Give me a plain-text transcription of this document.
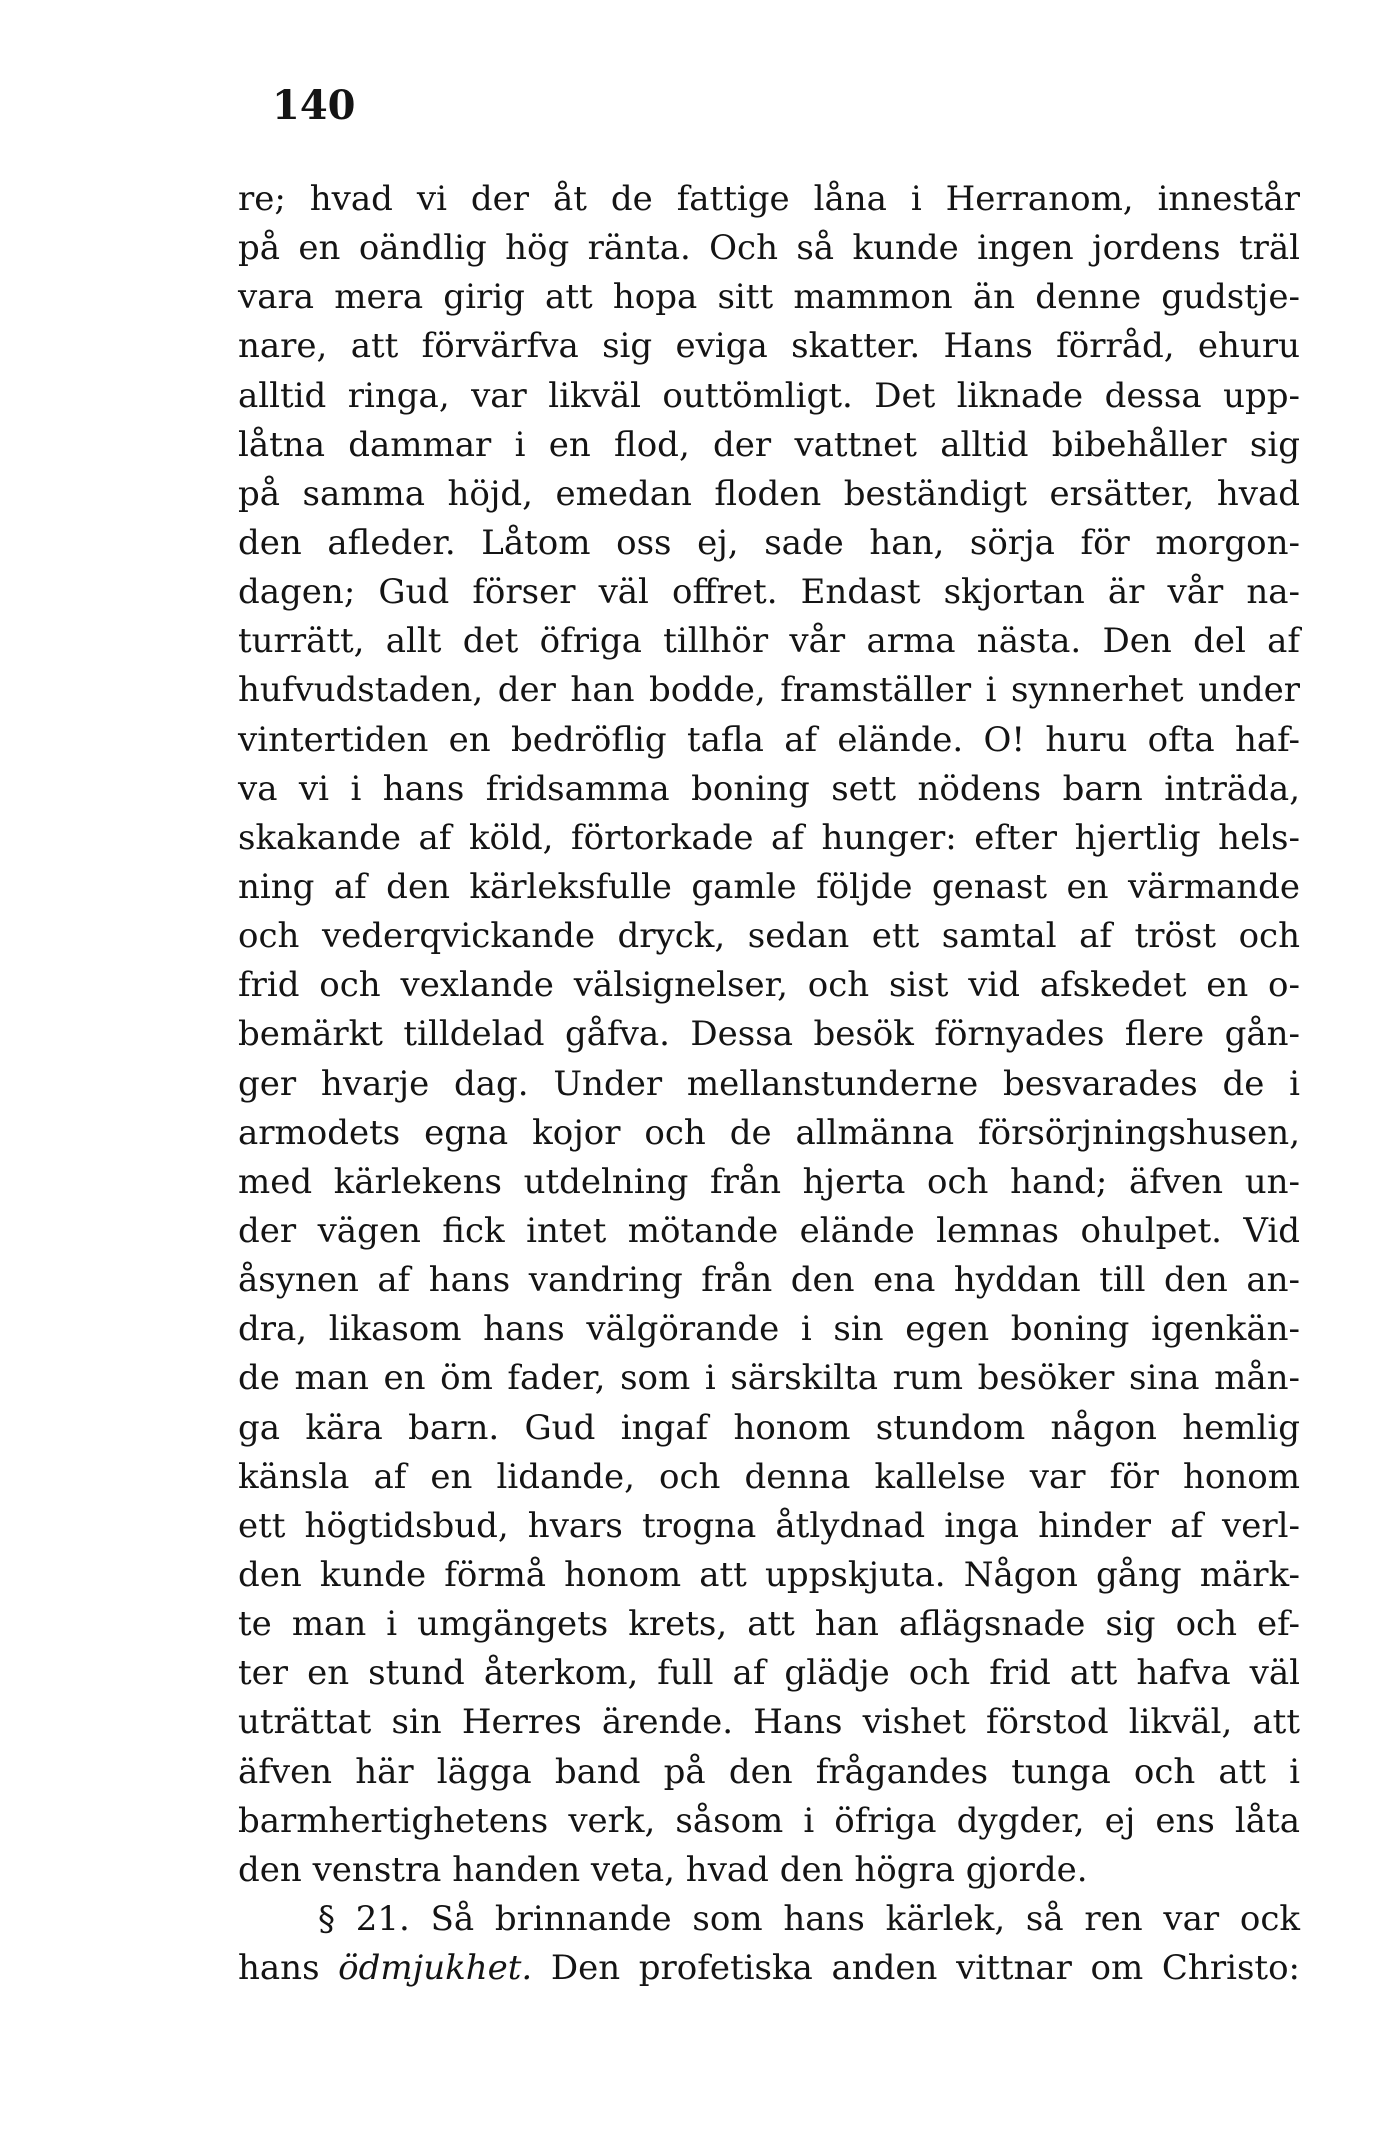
140
re; hvad vi der åt de fattige låna i Herranom, innestår
på en oändlig hög ränta. Och så kunde ingen jordens träl
vara mera girig att hopa sitt mammon än denne gudstje-
nare, att förvärfva sig eviga skatter. Hans förråd, ehuru
alltid ringa, var likväl outtömligt. Det liknade dessa upp-
låtna dammar i en flod, der vattnet alltid bibehåller sig
på samma höjd, emedan floden beständigt ersätter, hvad
den afleder. Låtom oss ej, sade han, sörja för morgon-
dagen; Gud förser väl offret. Endast skjortan är vår na-
turrätt, allt det öfriga tillhör vår arma nästa. Den del af
hufvudstaden, der han bodde, framställer i synnerhet under
vintertiden en bedröflig tafla af elände. O! huru ofta haf-
va vi i hans fridsamma boning sett nödens barn inträda,
skakande af köld, förtorkade af hunger: efter hjertlig hels-
ning af den kärleksfulle gamle följde genast en värmande
och vederqvickande dryck, sedan ett samtal af tröst och
frid och vexlande välsignelser, och sist vid afskedet en o-
bemärkt tilldelad gåfva. Dessa besök förnyades flere gån-
ger hvarje dag. Under mellanstunderne besvarades de i
armodets egna kojor och de allmänna försörjningshusen,
med kärlekens utdelning från hjerta och hand; äfven un-
der vägen fick intet mötande elände lemnas ohulpet. Vid
åsynen af hans vandring från den ena hyddan till den an-
dra, likasom hans välgörande i sin egen boning igenkän-
de man en öm fader, som i särskilta rum besöker sina mån-
ga kära barn. Gud ingaf honom stundom någon hemlig
känsla af en lidande, och denna kallelse var för honom
ett högtidsbud, hvars trogna åtlydnad inga hinder af verl-
den kunde förmå honom att uppskjuta. Någon gång märk-
te man i umgängets krets, att han aflägsnade sig och ef-
ter en stund återkom, full af glädje och frid att hafva väl
uträttat sin Herres ärende. Hans vishet förstod likväl, att
äfven här lägga band på den frågandes tunga och att i
barmhertighetens verk, såsom i öfriga dygder, ej ens låta
den venstra handen veta, hvad den högra gjorde.
§ 21. Så brinnande som hans kärlek, så ren var ock
hans ödmjukhet. Den profetiska anden vittnar om Christo:
